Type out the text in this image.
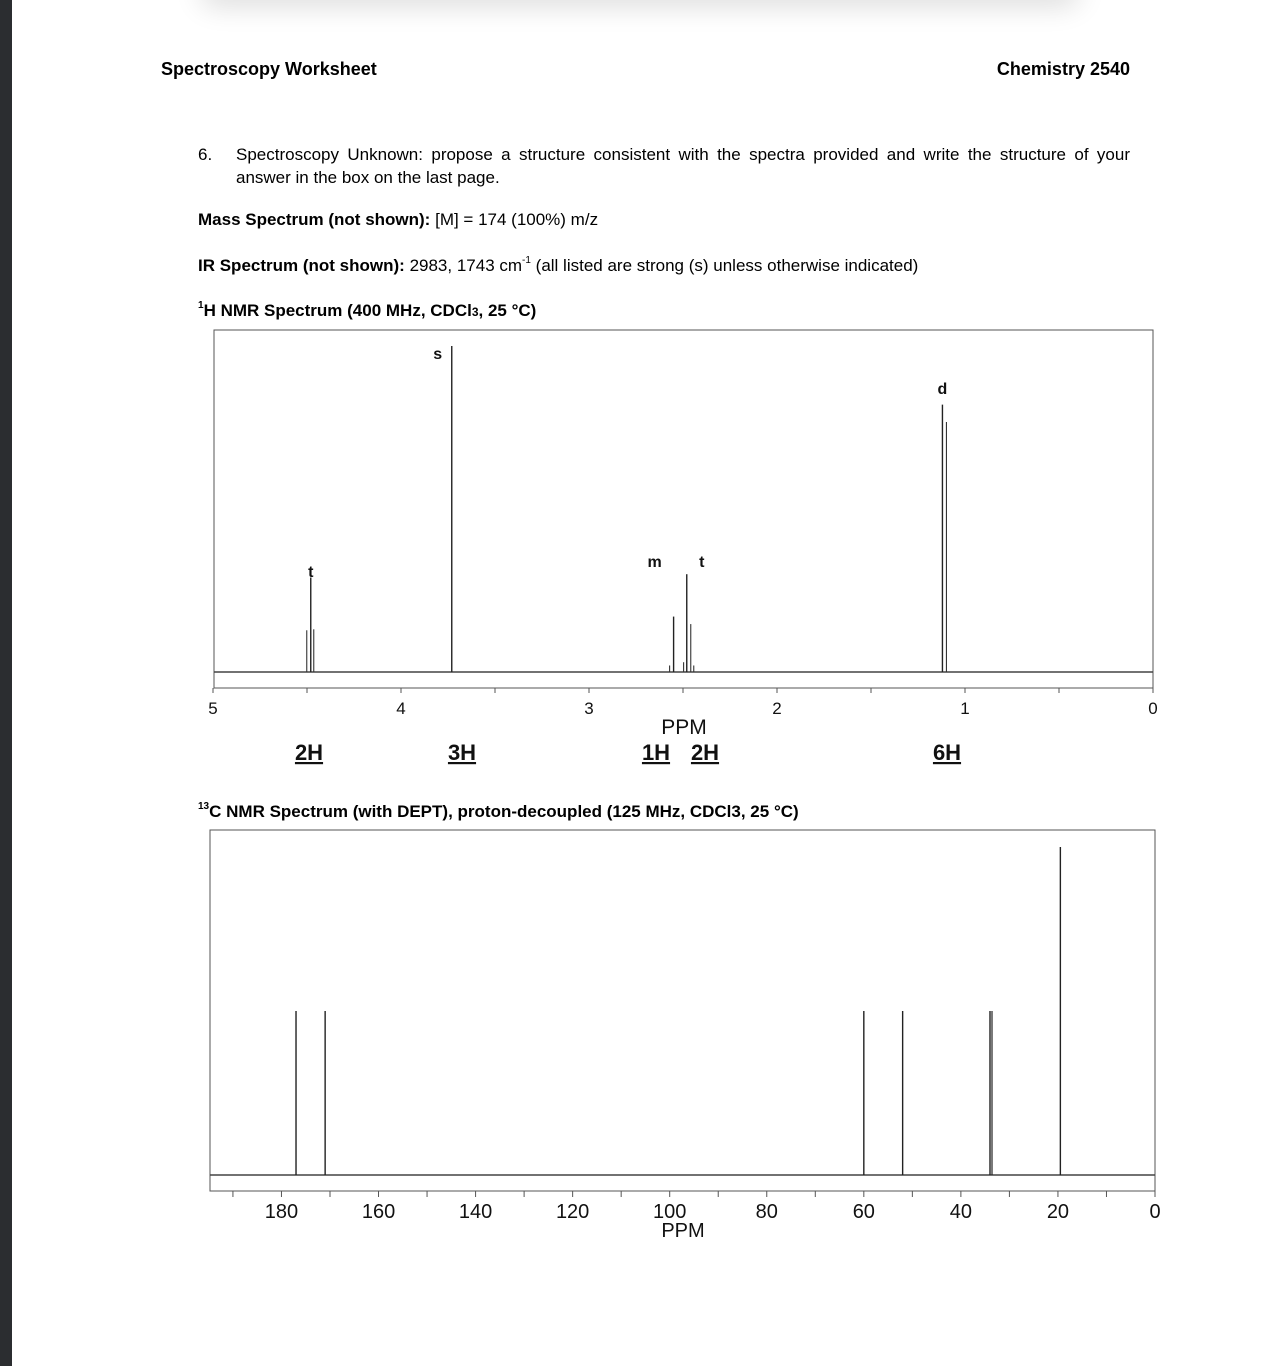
Spectroscopy Worksheet	Chemistry 2540
6. Spectroscopy Unknown: propose a structure consistent with the spectra provided and write the structure of your answer in the box on the last page.
Mass Spectrum (not shown): [M] = 174 (100%) m/z
IR Spectrum (not shown): 2983, 1743 $cm^{-1}$ (all listed are strong (s) unless otherwise indicated)
$^1$H NMR Spectrum (400 MHz, CDCl3, 25 °C)
$^{13}$C NMR Spectrum (with DEPT), proton-decoupled (125 MHz, CDCl3, 25 °C)
5	4	3	2	1	0
PPM
t
2H
s
3H
m
1H
t
2H
d
6H
180	160	140	120	100	80	60	40	20	0
PPM
